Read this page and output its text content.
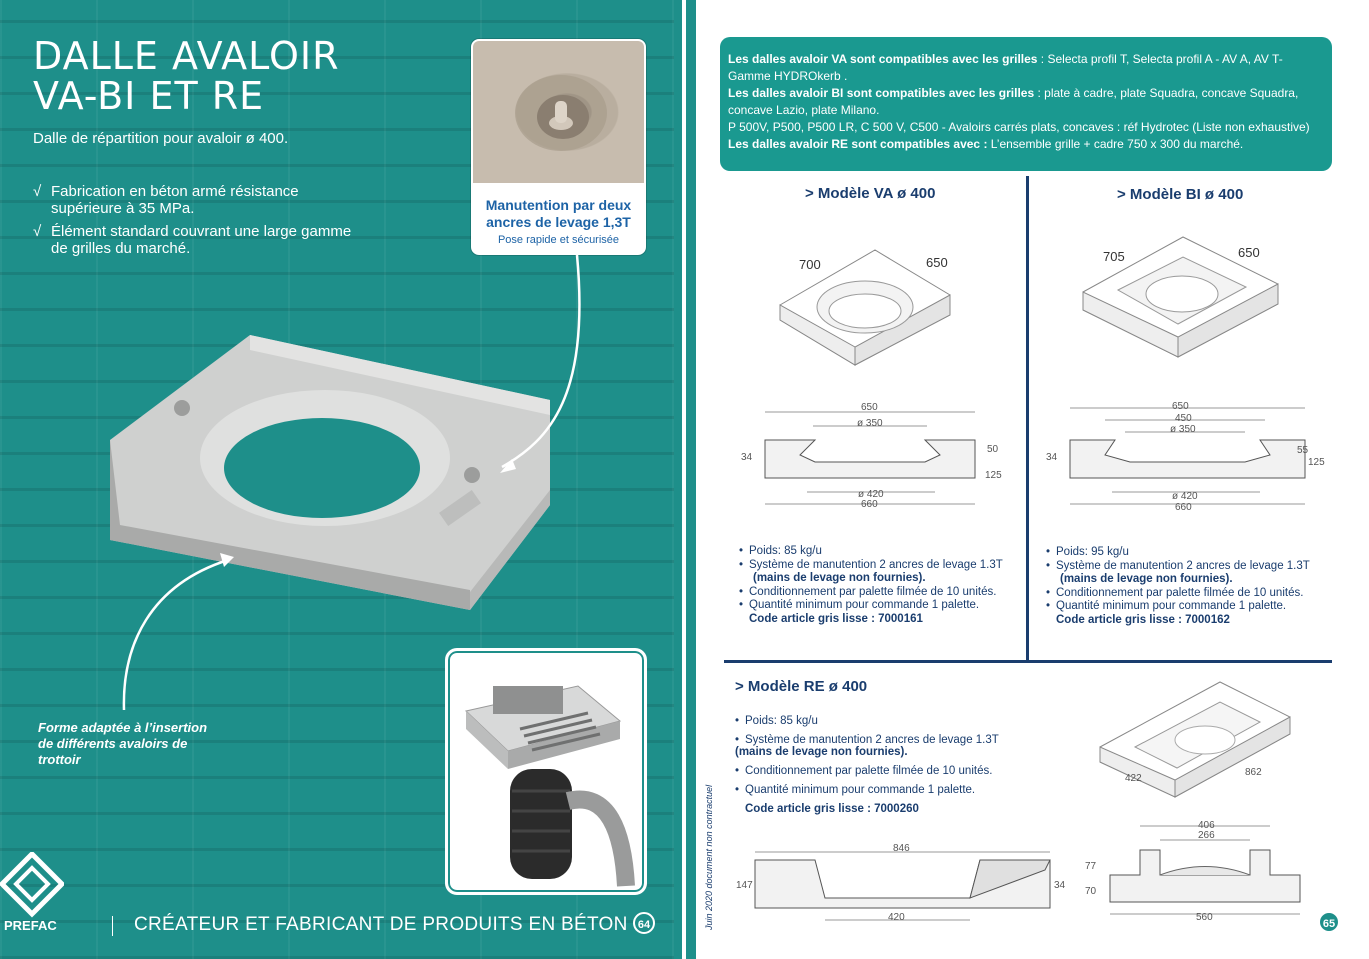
DALLE AVALOIR
VA-BI ET RE
Dalle de répartition pour avaloir ø 400.
√ Fabrication en béton armé résistance supérieure à 35 MPa.
√ Élément standard couvrant une large gamme de grilles du marché.
Manutention par deux ancres de levage 1,3T
Pose rapide et sécurisée
Forme adaptée à l’insertion de différents avaloirs de trottoir
PREFAC	CRÉATEUR ET FABRICANT DE PRODUITS EN BÉTON 64
Les dalles avaloir VA sont compatibles avec les grilles : Selecta profil T, Selecta profil A - AV A, AV T- Gamme HYDROkerb .
Les dalles avaloir BI sont compatibles avec les grilles : plate à cadre, plate Squadra, concave Squadra, concave Lazio, plate Milano.
P 500V, P500, P500 LR, C 500 V, C500 - Avaloirs carrés plats, concaves : réf Hydrotec (Liste non exhaustive)
Les dalles avaloir RE sont compatibles avec : L’ensemble grille + cadre 750 x 300 du marché.
> Modèle VA ø 400
700	650
650
ø 350
34
50
125
ø 420
660
• Poids: 85 kg/u
• Système de manutention 2 ancres de levage 1.3T
(mains de levage non fournies).
• Conditionnement par palette filmée de 10 unités.
• Quantité minimum pour commande 1 palette.
Code article gris lisse : 7000161
> Modèle BI ø 400
705	650
650
450
ø 350
34
55
125
ø 420
660
• Poids: 95 kg/u
• Système de manutention 2 ancres de levage 1.3T
(mains de levage non fournies).
• Conditionnement par palette filmée de 10 unités.
• Quantité minimum pour commande 1 palette.
Code article gris lisse : 7000162
> Modèle RE ø 400
• Poids: 85 kg/u
• Système de manutention 2 ancres de levage 1.3T
(mains de levage non fournies).
• Conditionnement par palette filmée de 10 unités.
• Quantité minimum pour commande 1 palette.
Code article gris lisse : 7000260
422
862
846
147	34
420
406
266
77
70
560
Juin 2020 document non contractuel	65
